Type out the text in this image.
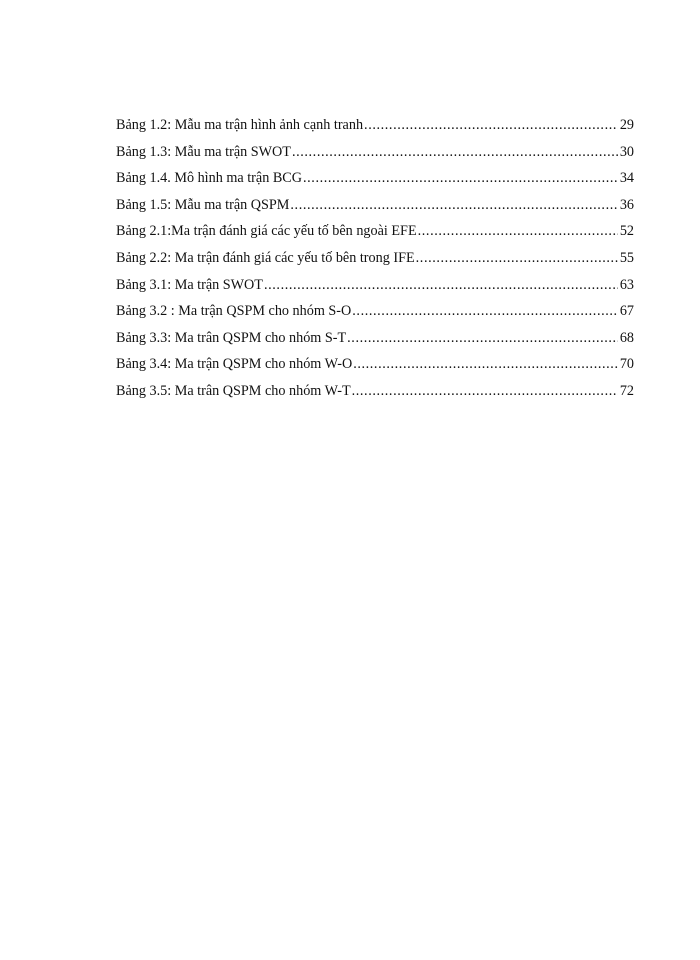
Bảng 1.2: Mẫu ma trận hình ảnh cạnh tranh .....	29
Bảng 1.3: Mẫu ma trận SWOT .....	30
Bảng 1.4. Mô hình ma trận BCG .....	34
Bảng 1.5: Mẫu ma trận QSPM .....	36
Bảng 2.1:Ma trận đánh giá các yếu tố bên ngoài EFE .....	52
Bảng 2.2: Ma trận đánh giá các yếu tố bên trong IFE .....	55
Bảng 3.1: Ma trận SWOT .....	63
Bảng 3.2 : Ma trận QSPM cho nhóm S-O .....	67
Bảng 3.3: Ma trân QSPM cho nhóm S-T .....	68
Bảng 3.4: Ma trận QSPM cho nhóm W-O .....	70
Bảng 3.5: Ma trân QSPM cho nhóm W-T .....	72
